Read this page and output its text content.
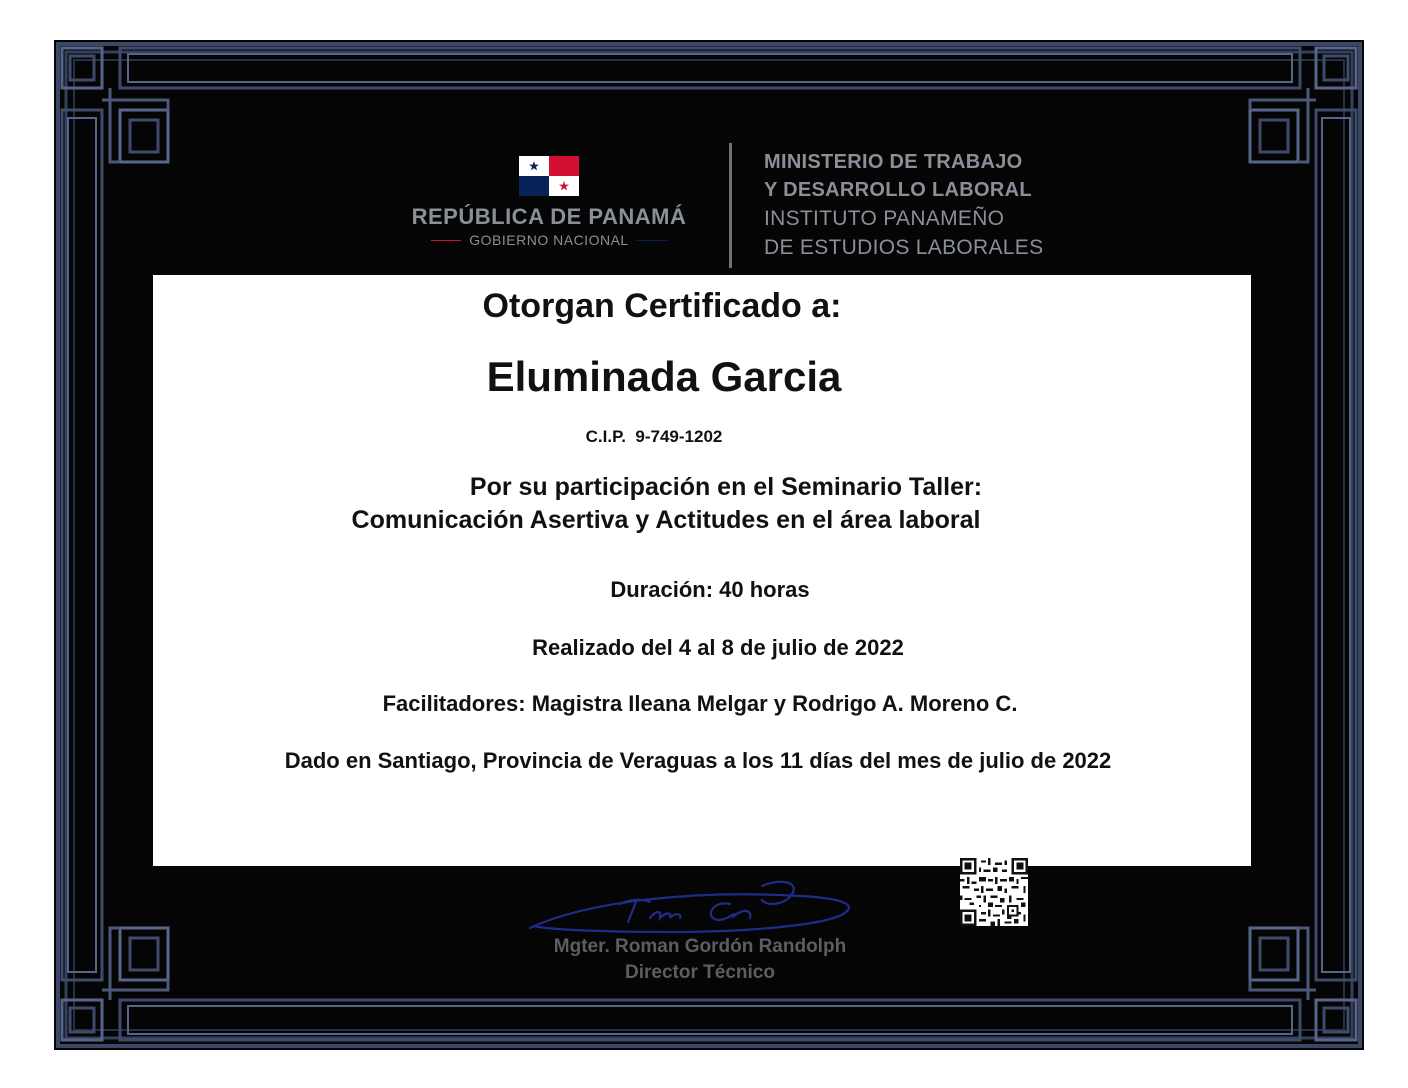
REPÚBLICA DE PANAMÁ
GOBIERNO NACIONAL
MINISTERIO DE TRABAJO
Y DESARROLLO LABORAL
INSTITUTO PANAMEÑO
DE ESTUDIOS LABORALES
Otorgan Certificado a:
Eluminada Garcia
C.I.P. 9-749-1202
Por su participación en el Seminario Taller:
Comunicación Asertiva y Actitudes en el área laboral
Duración: 40 horas
Realizado del 4 al 8 de julio de 2022
Facilitadores: Magistra Ileana Melgar y Rodrigo A. Moreno C.
Dado en Santiago, Provincia de Veraguas a los 11 días del mes de julio de 2022
Mgter. Roman Gordón Randolph
Director Técnico
